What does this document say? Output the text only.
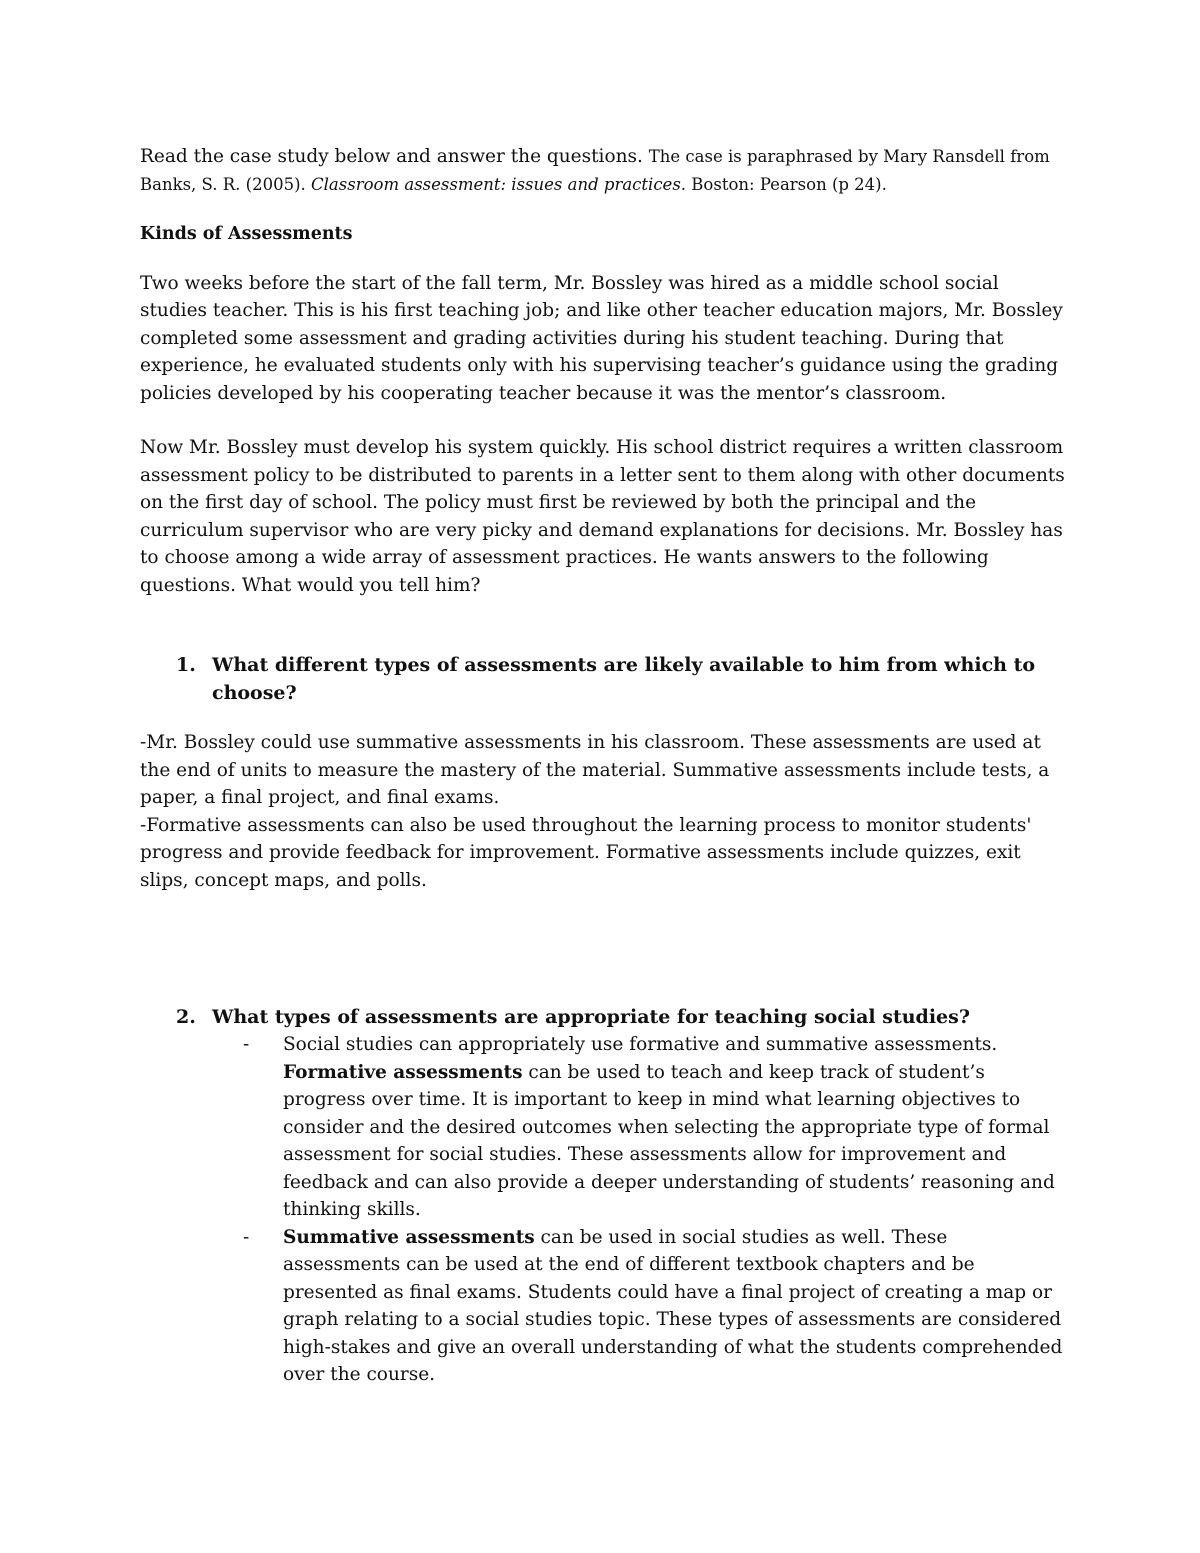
Read the case study below and answer the questions. The case is paraphrased by Mary Ransdell from Banks, S. R. (2005). Classroom assessment: issues and practices. Boston: Pearson (p 24).

Kinds of Assessments

Two weeks before the start of the fall term, Mr. Bossley was hired as a middle school social studies teacher. This is his first teaching job; and like other teacher education majors, Mr. Bossley completed some assessment and grading activities during his student teaching. During that experience, he evaluated students only with his supervising teacher’s guidance using the grading policies developed by his cooperating teacher because it was the mentor’s classroom.

Now Mr. Bossley must develop his system quickly. His school district requires a written classroom assessment policy to be distributed to parents in a letter sent to them along with other documents on the first day of school. The policy must first be reviewed by both the principal and the curriculum supervisor who are very picky and demand explanations for decisions. Mr. Bossley has to choose among a wide array of assessment practices. He wants answers to the following questions. What would you tell him?

1. What different types of assessments are likely available to him from which to choose?

-Mr. Bossley could use summative assessments in his classroom. These assessments are used at the end of units to measure the mastery of the material. Summative assessments include tests, a paper, a final project, and final exams.

-Formative assessments can also be used throughout the learning process to monitor students' progress and provide feedback for improvement. Formative assessments include quizzes, exit slips, concept maps, and polls.

2. What types of assessments are appropriate for teaching social studies?
-	Social studies can appropriately use formative and summative assessments. Formative assessments can be used to teach and keep track of student’s progress over time. It is important to keep in mind what learning objectives to consider and the desired outcomes when selecting the appropriate type of formal assessment for social studies. These assessments allow for improvement and feedback and can also provide a deeper understanding of students’ reasoning and thinking skills.
-	Summative assessments can be used in social studies as well. These assessments can be used at the end of different textbook chapters and be presented as final exams. Students could have a final project of creating a map or graph relating to a social studies topic. These types of assessments are considered high-stakes and give an overall understanding of what the students comprehended over the course.
